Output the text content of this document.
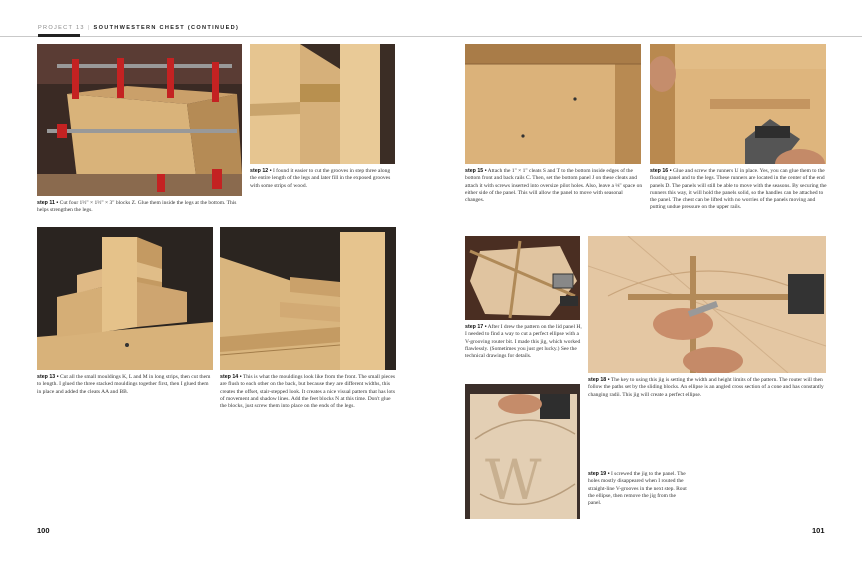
PROJECT 13 | SOUTHWESTERN CHEST (CONTINUED)
step 11 • Cut four 1½" × 1½" × 3" blocks Z. Glue them inside the legs at the bottom. This helps strengthen the legs.
step 12 • I found it easier to cut the grooves in step three along the entire length of the legs and later fill in the exposed grooves with some strips of wood.
step 13 • Cut all the small mouldings K, L and M in long strips, then cut them to length. I glued the three stacked mouldings together first, then I glued them in place and added the cleats AA and BB.
step 14 • This is what the mouldings look like from the front. The small pieces are flush to each other on the back, but because they are different widths, this creates the offset, stair-stepped look. It creates a nice visual pattern that has lots of movement and shadow lines. Add the feet blocks N at this time. Don't glue the blocks, just screw them into place on the ends of the legs.
step 15 • Attach the 1" × 1" cleats S and T to the bottom inside edges of the bottom front and back rails C. Then, set the bottom panel J on these cleats and attach it with screws inserted into oversize pilot holes. Also, leave a ⅛" space on either side of the panel. This will allow the panel to move with seasonal changes.
step 16 • Glue and screw the runners U in place. Yes, you can glue them to the floating panel and to the legs. These runners are located in the center of the end panels D. The panels will still be able to move with the seasons. By securing the runners this way, it will hold the panels solid, so the handles can be attached to the panel. The chest can be lifted with no worries of the panels moving and putting undue pressure on the upper rails.
step 17 • After I drew the pattern on the lid panel H, I needed to find a way to cut a perfect ellipse with a V-grooving router bit. I made this jig, which worked flawlessly. (Sometimes you just get lucky.) See the technical drawings for details.
step 18 • The key to using this jig is setting the width and height limits of the pattern. The router will then follow the paths set by the sliding blocks. An ellipse is an angled cross section of a cone and has constantly changing radii. This jig will create a perfect ellipse.
W	step 19 • I screwed the jig to the panel. The holes mostly disappeared when I routed the straight-line V-grooves in the next step. Rout the ellipse, then remove the jig from the panel.
100	101
